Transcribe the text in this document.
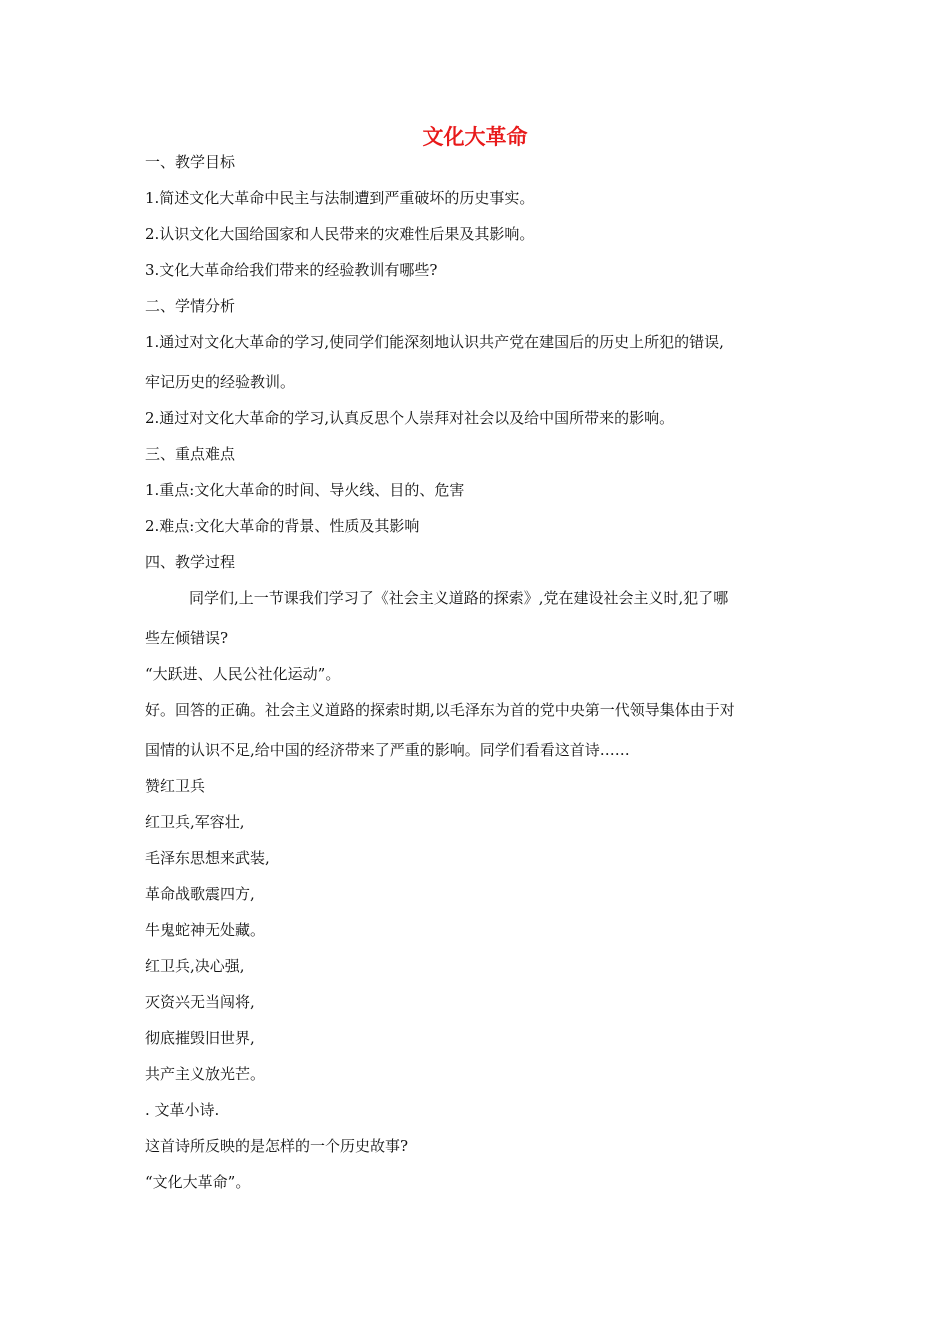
文化大革命

一、教学目标

1.简述文化大革命中民主与法制遭到严重破坏的历史事实。

2.认识文化大国给国家和人民带来的灾难性后果及其影响。

3.文化大革命给我们带来的经验教训有哪些?

二、学情分析

1.通过对文化大革命的学习,使同学们能深刻地认识共产党在建国后的历史上所犯的错误,

牢记历史的经验教训。

2.通过对文化大革命的学习,认真反思个人崇拜对社会以及给中国所带来的影响。

三、重点难点

1.重点:文化大革命的时间、导火线、目的、危害

2.难点:文化大革命的背景、性质及其影响

四、教学过程

同学们,上一节课我们学习了《社会主义道路的探索》,党在建设社会主义时,犯了哪

些左倾错误?

“大跃进、人民公社化运动”。

好。回答的正确。社会主义道路的探索时期,以毛泽东为首的党中央第一代领导集体由于对

国情的认识不足,给中国的经济带来了严重的影响。同学们看看这首诗……

赞红卫兵

红卫兵,军容壮,

毛泽东思想来武装,

革命战歌震四方,

牛鬼蛇神无处藏。

红卫兵,决心强,

灭资兴无当闯将,

彻底摧毁旧世界,

共产主义放光芒。

. 文革小诗.

这首诗所反映的是怎样的一个历史故事?

“文化大革命”。
